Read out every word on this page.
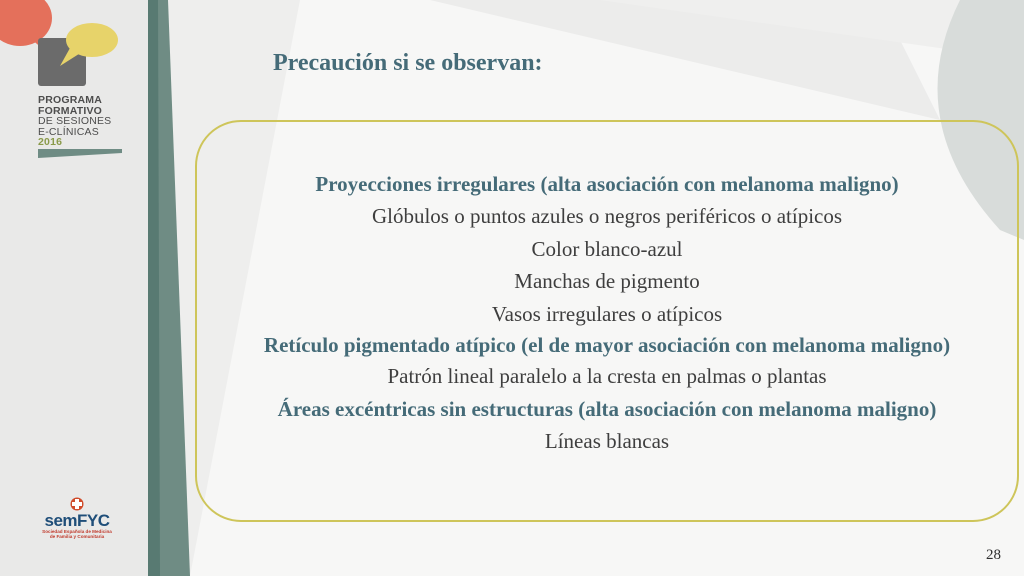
PROGRAMA
FORMATIVO
DE SESIONES
E-CLÍNICAS
2016
semFYC
Sociedad Española de Medicina
de Familia y Comunitaria
Precaución si se observan:

Proyecciones irregulares (alta asociación con melanoma maligno)

Glóbulos o puntos azules o negros periféricos o atípicos

Color blanco-azul

Manchas de pigmento

Vasos irregulares o atípicos

Retículo pigmentado atípico (el de mayor asociación con melanoma maligno)

Patrón lineal paralelo a la cresta en palmas o plantas

Áreas excéntricas sin estructuras (alta asociación con melanoma maligno)

Líneas blancas

28
